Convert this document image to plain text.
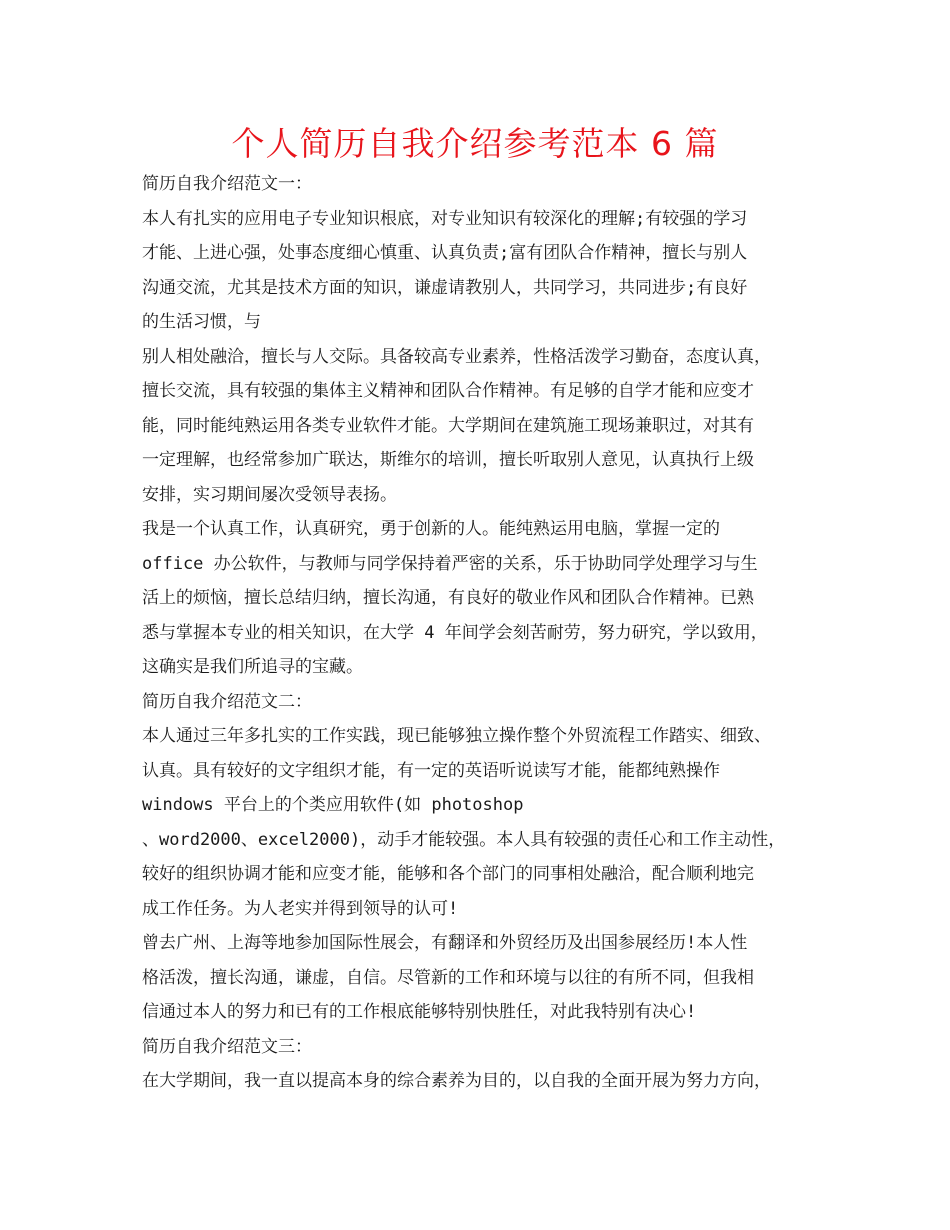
个人简历自我介绍参考范本 6 篇
简历自我介绍范文一：
本人有扎实的应用电子专业知识根底，对专业知识有较深化的理解;有较强的学习
才能、上进心强，处事态度细心慎重、认真负责;富有团队合作精神，擅长与别人
沟通交流，尤其是技术方面的知识，谦虚请教别人，共同学习，共同进步;有良好
的生活习惯，与
别人相处融洽，擅长与人交际。具备较高专业素养，性格活泼学习勤奋，态度认真，
擅长交流，具有较强的集体主义精神和团队合作精神。有足够的自学才能和应变才
能，同时能纯熟运用各类专业软件才能。大学期间在建筑施工现场兼职过，对其有
一定理解，也经常参加广联达，斯维尔的培训，擅长听取别人意见，认真执行上级
安排，实习期间屡次受领导表扬。
我是一个认真工作，认真研究，勇于创新的人。能纯熟运用电脑，掌握一定的
office 办公软件，与教师与同学保持着严密的关系，乐于协助同学处理学习与生
活上的烦恼，擅长总结归纳，擅长沟通，有良好的敬业作风和团队合作精神。已熟
悉与掌握本专业的相关知识，在大学 4 年间学会刻苦耐劳，努力研究，学以致用，
这确实是我们所追寻的宝藏。
简历自我介绍范文二：
本人通过三年多扎实的工作实践，现已能够独立操作整个外贸流程工作踏实、细致、
认真。具有较好的文字组织才能，有一定的英语听说读写才能，能都纯熟操作
windows 平台上的个类应用软件(如 photoshop
、word2000、excel2000)，动手才能较强。本人具有较强的责任心和工作主动性，
较好的组织协调才能和应变才能，能够和各个部门的同事相处融洽，配合顺利地完
成工作任务。为人老实并得到领导的认可!
曾去广州、上海等地参加国际性展会，有翻译和外贸经历及出国参展经历!本人性
格活泼，擅长沟通，谦虚，自信。尽管新的工作和环境与以往的有所不同，但我相
信通过本人的努力和已有的工作根底能够特别快胜任，对此我特别有决心!
简历自我介绍范文三：
在大学期间，我一直以提高本身的综合素养为目的，以自我的全面开展为努力方向，
